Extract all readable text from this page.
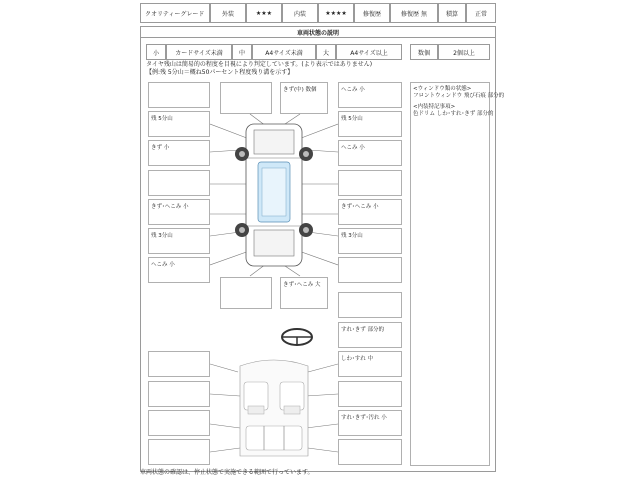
クオリティーグレード	外装	★★★	内装	★★★★	修復歴	修復歴 無	積算	正常
車両状態の説明
小	カードサイズ未満	中	A4サイズ未満	大	A4サイズ以上	数個	2個以上
タイヤ残山は簡易的の程度を目視により判定しています。(より表示ではありません)
【例:残 5分山＝概ね50パーセント程度残り溝を示す】
残 5分山
きず 小
きず･へこみ 小
残 3分山
へこみ 小
きず(中) 数個
きず･へこみ 大
へこみ 小
残 5分山
へこみ 小
きず･へこみ 小
残 3分山
すれ･きず 部分的
しわ･すれ 中
すれ･きず･汚れ 小
<ウィンドウ類の状態>
フロントウィンドウ 飛び石痕 部分的
<内装特記事項>
色ドリム しわ･すれ･きず 部分的
車両状態の確認は、停止状態で実施できる範囲で行っています。
